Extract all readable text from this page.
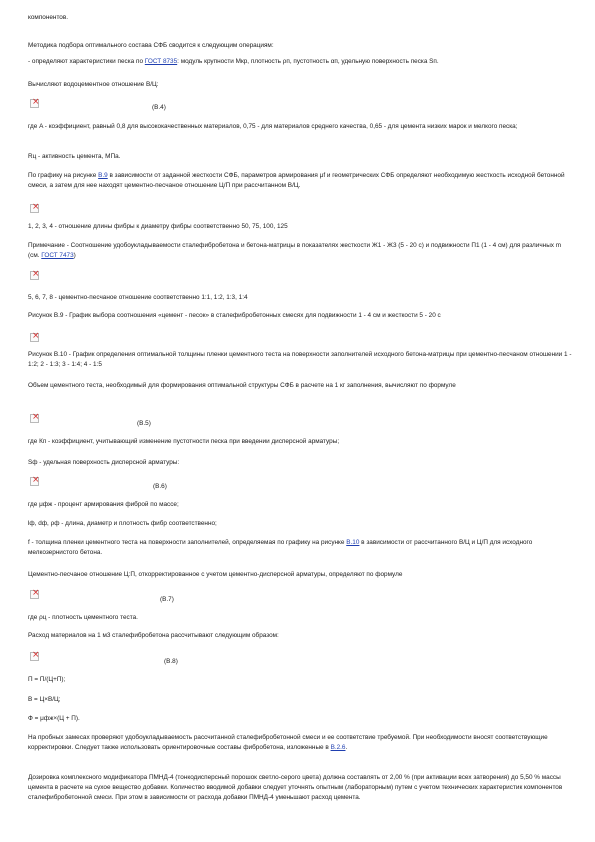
компонентов.

Методика подбора оптимального состава СФБ сводится к следующим операциям:

- определяют характеристики песка по ГОСТ 8735: модуль крупности Мкр, плотность ρп, пустотность αп, удельную поверхность песка Sп.

Вычисляют водоцементное отношение В/Ц:

×
(В.4)

где A - коэффициент, равный 0,8 для высококачественных материалов, 0,75 - для материалов среднего качества, 0,65 - для цемента низких марок и мелкого песка;

Rц - активность цемента, МПа.

По графику на рисунке В.9 в зависимости от заданной жесткости СФБ, параметров армирования μf и геометрических СФБ определяют необходимую жесткость исходной бетонной смеси, а затем для нее находят цементно-песчаное отношение Ц/П при рассчитанном В/Ц.

×

1, 2, 3, 4 - отношение длины фибры к диаметру фибры соответственно 50, 75, 100, 125

Примечание - Соотношение удобоукладываемости сталефибробетона и бетона-матрицы в показателях жесткости Ж1 - Ж3 (5 - 20 с) и подвижности П1 (1 - 4 см) для различных m (см. ГОСТ 7473)

×

5, 6, 7, 8 - цементно-песчаное отношение соответственно 1:1, 1:2, 1:3, 1:4

Рисунок В.9 - График выбора соотношения «цемент - песок» в сталефибробетонных смесях для подвижности 1 - 4 см и жесткости 5 - 20 с

×

Рисунок В.10 - График определения оптимальной толщины пленки цементного теста на поверхности заполнителей исходного бетона-матрицы при цементно-песчаном отношении 1 - 1:2; 2 - 1:3; 3 - 1:4; 4 - 1:5

Объем цементного теста, необходимый для формирования оптимальной структуры СФБ в расчете на 1 кг заполнения, вычисляют по формуле

×
(В.5)

где Кп - коэффициент, учитывающий изменение пустотности песка при введении дисперсной арматуры;

Sф - удельная поверхность дисперсной арматуры:

×
(В.6)

где μфж - процент армирования фиброй по массе;

lф, dф, ρф - длина, диаметр и плотность фибр соответственно;

f - толщина пленки цементного теста на поверхности заполнителей, определяемая по графику на рисунке В.10 в зависимости от рассчитанного В/Ц и Ц/П для исходного мелкозернистого бетона.

Цементно-песчаное отношение Ц:П, откорректированное с учетом цементно-дисперсной арматуры, определяют по формуле

×
(В.7)

где ρц - плотность цементного теста.

Расход материалов на 1 м3 сталефибробетона рассчитывают следующим образом:

×
(В.8)

П = П/(Ц+П);

В = Ц×В/Ц;

Ф = μфж×(Ц + П).

На пробных замесах проверяют удобоукладываемость рассчитанной сталефибробетонной смеси и ее соответствие требуемой. При необходимости вносят соответствующие корректировки. Следует также использовать ориентировочные составы фибробетона, изложенные в В.2.6.

Дозировка комплексного модификатора ПМНД-4 (тонкодисперсный порошок светло-серого цвета) должна составлять от 2,00 % (при активации всех затворения) до 5,50 % массы цемента в расчете на сухое вещество добавки. Количество вводимой добавки следует уточнять опытным (лабораторным) путем с учетом технических характеристик компонентов сталефибробетонной смеси. При этом в зависимости от расхода добавки ПМНД-4 уменьшают расход цемента.
